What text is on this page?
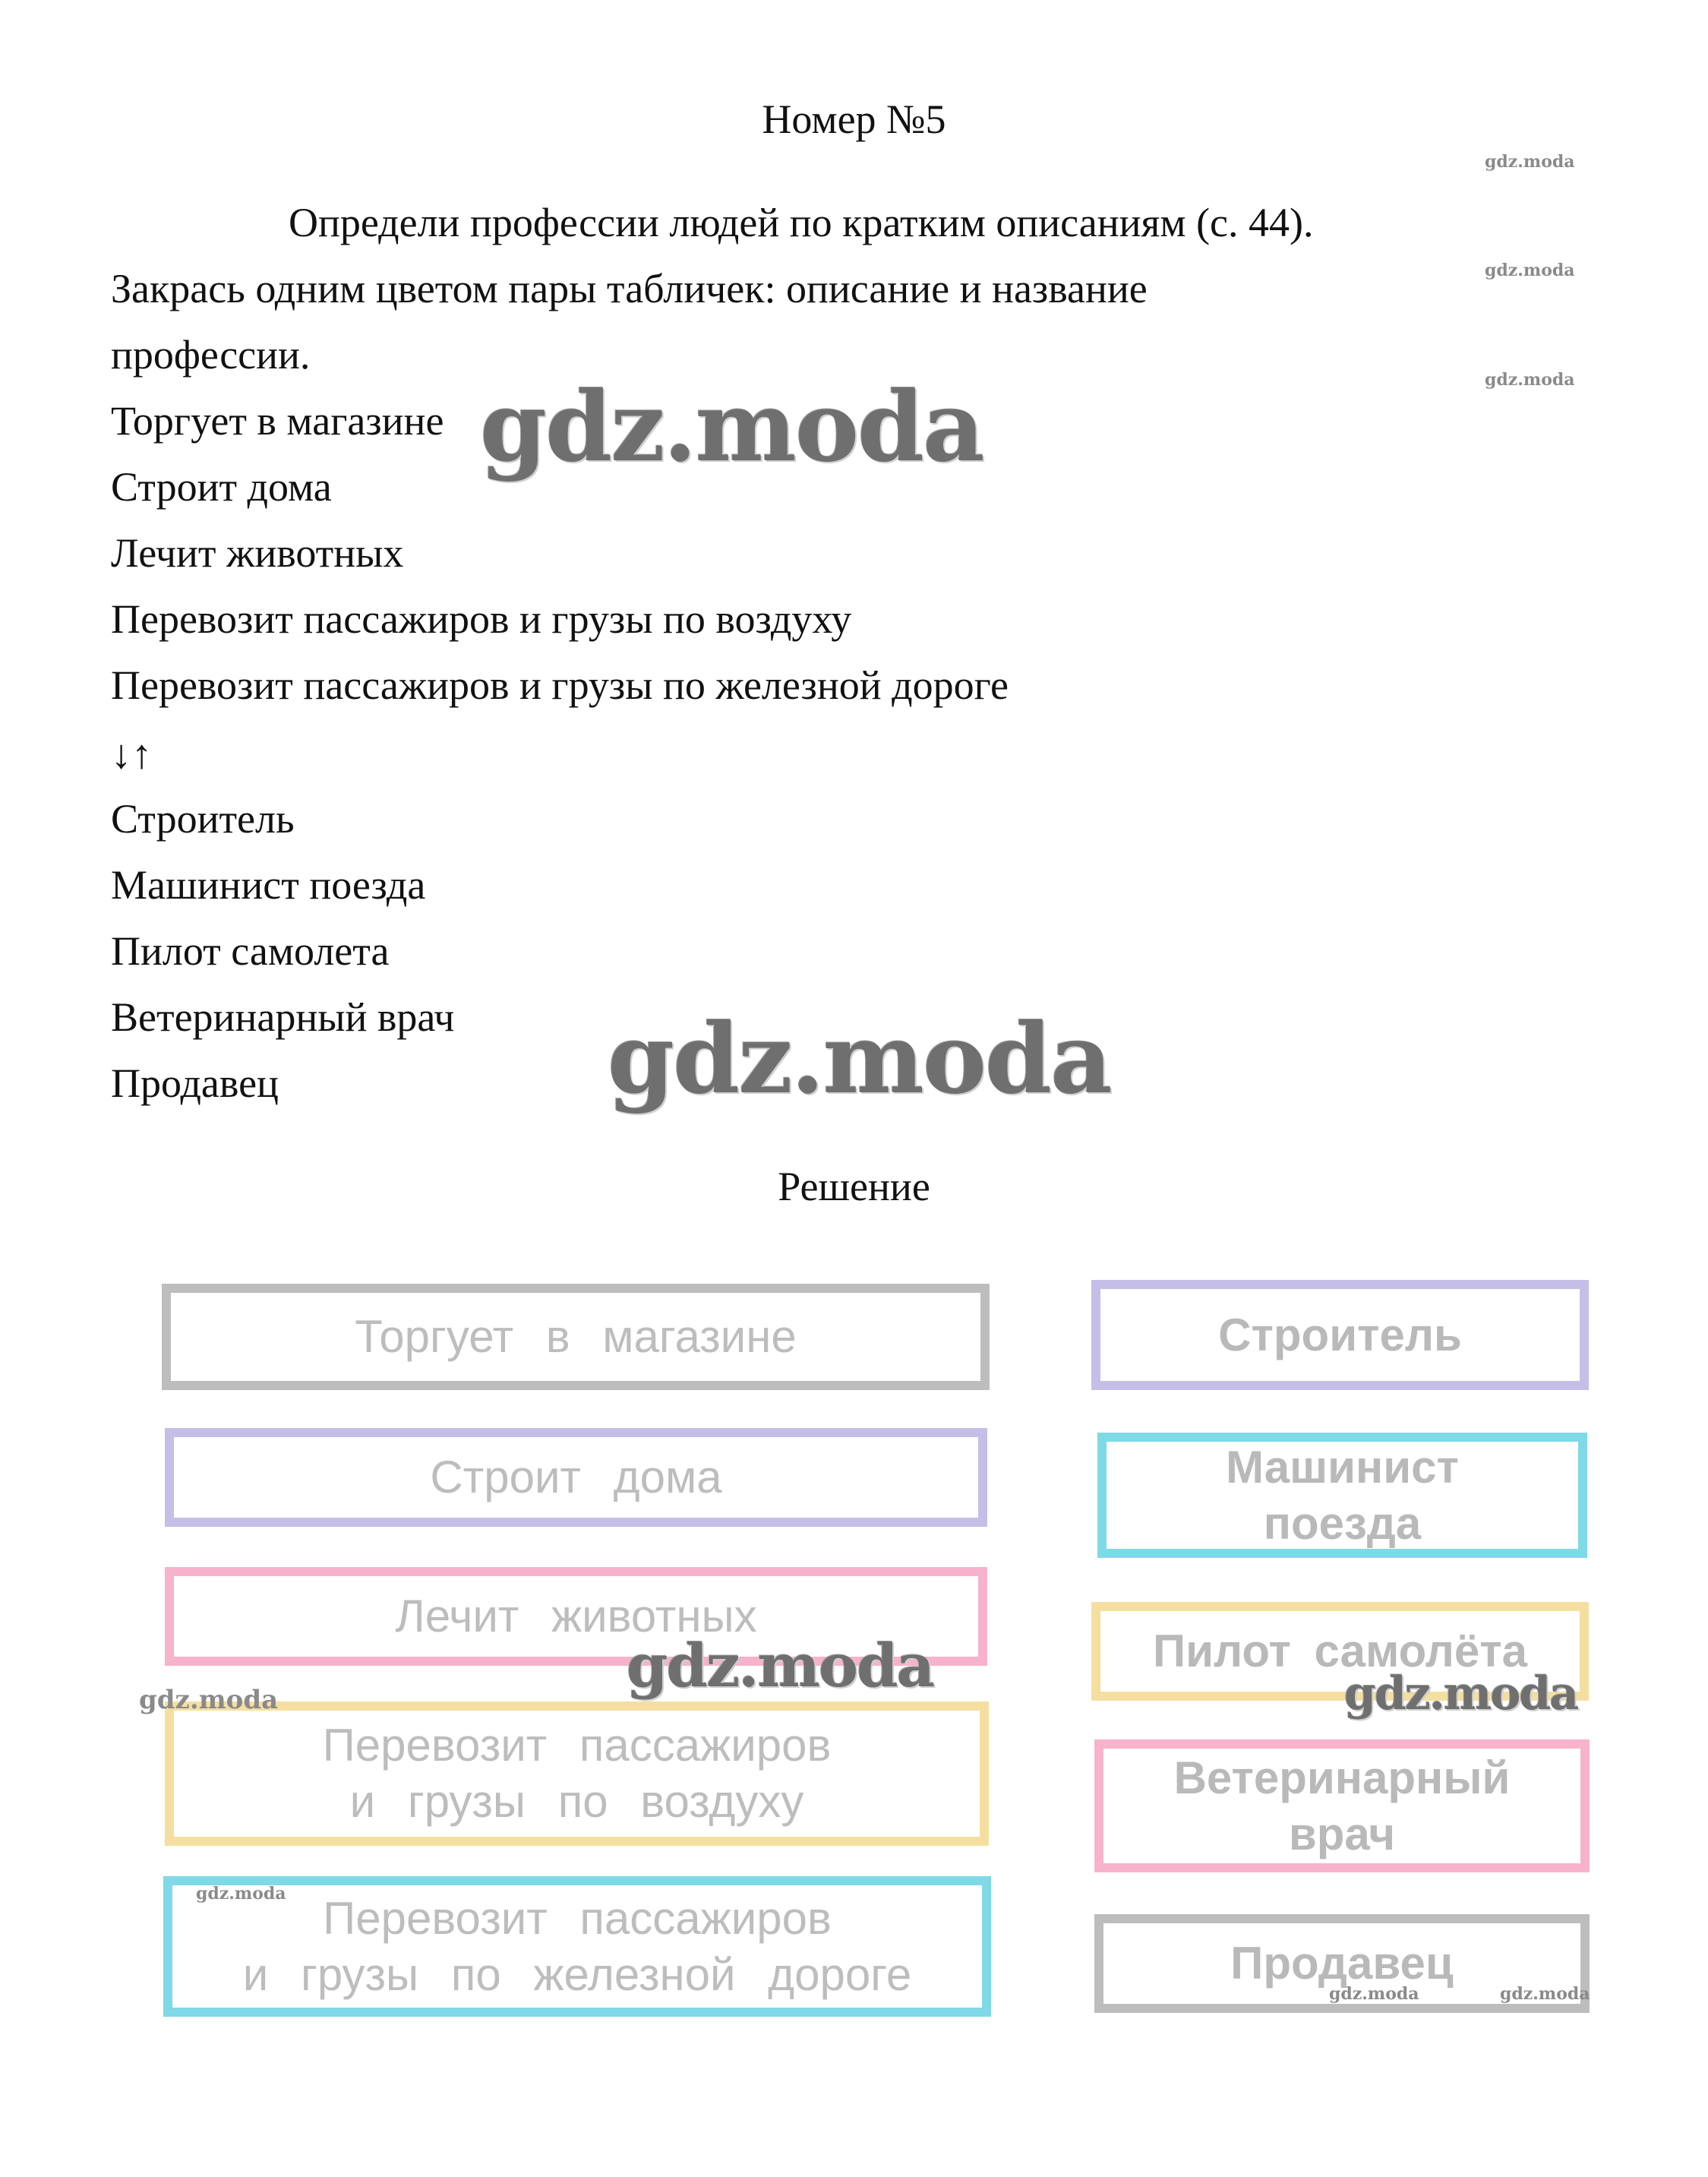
Номер №5
Определи профессии людей по кратким описаниям (с. 44).
Закрась одним цветом пары табличек: описание и название
профессии.
Торгует в магазине
Строит дома
Лечит животных
Перевозит пассажиров и грузы по воздуху
Перевозит пассажиров и грузы по железной дороге
↓↑
Строитель
Машинист поезда
Пилот самолета
Ветеринарный врач
Продавец
Решение
Торгует в магазине
Строит дома
Лечит животных
Перевозит пассажиров
и грузы по воздуху
Перевозит пассажиров
и грузы по железной дороге
Строитель
Машинист
поезда
Пилот самолёта
Ветеринарный
врач
Продавец
gdz.moda
gdz.moda
gdz.moda
gdz.moda
gdz.moda
gdz.moda	gdz.moda
gdz.moda
gdz.moda
gdz.moda	gdz.moda
